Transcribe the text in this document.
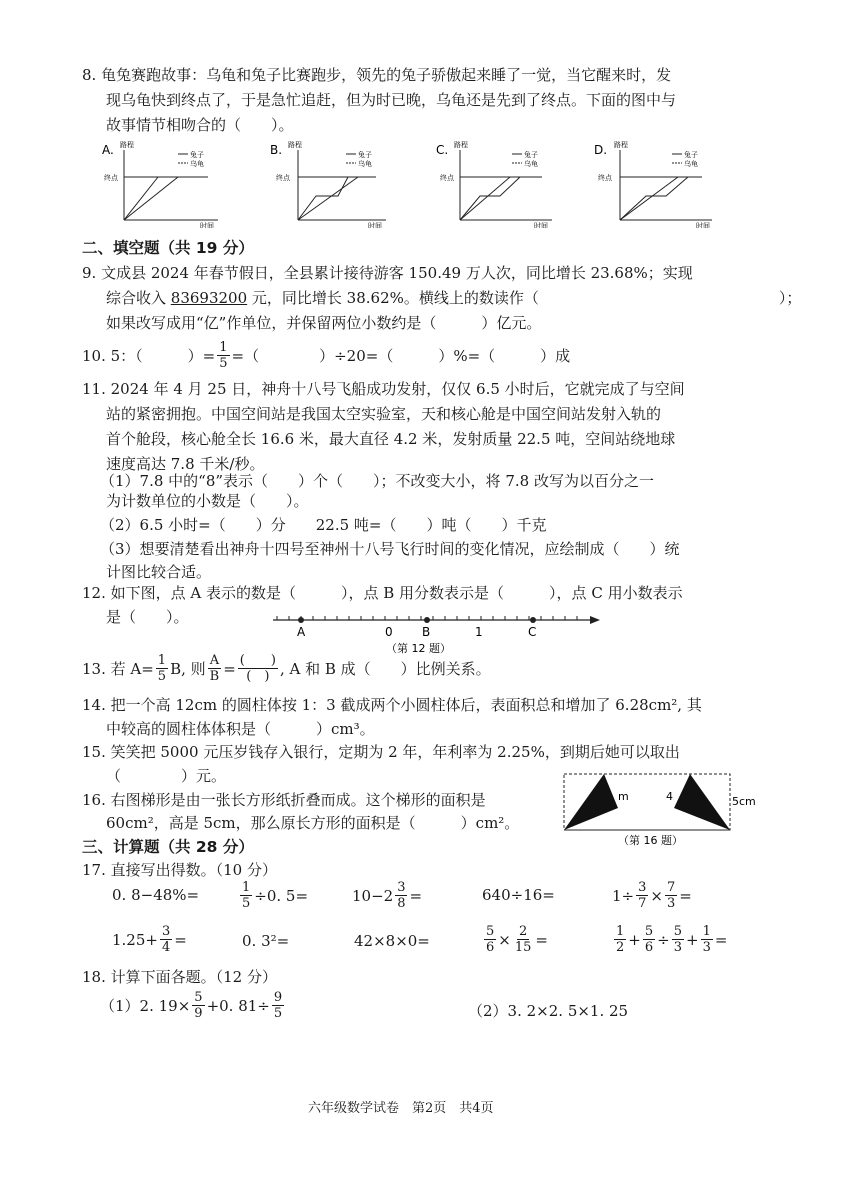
8. 龟兔赛跑故事：乌龟和兔子比赛跑步，领先的兔子骄傲起来睡了一觉，当它醒来时，发
现乌龟快到终点了，于是急忙追赶，但为时已晚，乌龟还是先到了终点。下面的图中与
故事情节相吻合的（　　）。
A. 路程
终点
兔子
乌龟
时间
B. 路程
终点
兔子
乌龟
时间
C. 路程
终点
兔子
乌龟
时间
D. 路程
终点
兔子
乌龟
时间
二、填空题（共 19 分）
9. 文成县 2024 年春节假日，全县累计接待游客 150.49 万人次，同比增长 23.68%；实现
综合收入 83693200 元，同比增长 38.62%。横线上的数读作（　　　　　　　　　　　　　　　　）；
如果改写成用“亿”作单位，并保留两位小数约是（　　　）亿元。
10. 5：（　　　）= $\frac{1}{5}$ =（　　　　）÷20=（　　　）%=（　　　）成
11. 2024 年 4 月 25 日，神舟十八号飞船成功发射，仅仅 6.5 小时后，它就完成了与空间
站的紧密拥抱。中国空间站是我国太空实验室，天和核心舱是中国空间站发射入轨的
首个舱段，核心舱全长 16.6 米，最大直径 4.2 米，发射质量 22.5 吨，空间站绕地球
速度高达 7.8 千米/秒。
（1）7.8 中的“8”表示（　　）个（　　）；不改变大小，将 7.8 改写为以百分之一
为计数单位的小数是（　　）。
（2）6.5 小时=（　　）分　　22.5 吨=（　　）吨（　　）千克
（3）想要清楚看出神舟十四号至神州十八号飞行时间的变化情况，应绘制成（　　）统
计图比较合适。
12. 如下图，点 A 表示的数是（　　　），点 B 用分数表示是（　　　），点 C 用小数表示
是（　　）。
A	0 B	1	C
（第 12 题）
13. 若 $A= \frac{1}{5} B$, 则 $\frac{A}{B} = \frac{( )}{( )}$ , A 和 B 成（　　）比例关系。
14. 把一个高 12cm 的圆柱体按 1：3 截成两个小圆柱体后，表面积总和增加了 6.28cm², 其
中较高的圆柱体体积是（　　　）cm³。
15. 笑笑把 5000 元压岁钱存入银行，定期为 2 年，年利率为 2.25%，到期后她可以取出
（　　　　）元。
16. 右图梯形是由一张长方形纸折叠而成。这个梯形的面积是
60cm²，高是 5cm，那么原长方形的面积是（　　　）cm²。
m	4	5cm
（第 16 题）
三、计算题（共 28 分）
17. 直接写出得数。（10 分）
0. 8−48%=	$\frac{1}{5} \div 0$. 5=	$10-2 \frac{3}{8}$ =	640÷16=	$1\div \frac{3}{7} \times \frac{7}{3}$ =
$1.25+ \frac{3}{4}$ =	0. 3²=	42×8×0=	$\frac{5}{6} \times \frac{2}{15}$ =	$\frac{1}{2} + \frac{5}{6} \div \frac{5}{3} + \frac{1}{3}$ =
18. 计算下面各题。（12 分）
（1）2. $19\times \frac{5}{9} +0$. $81\div \frac{9}{5}$	（2）3. 2×2. 5×1. 25
六年级数学试卷　第2页　共4页
